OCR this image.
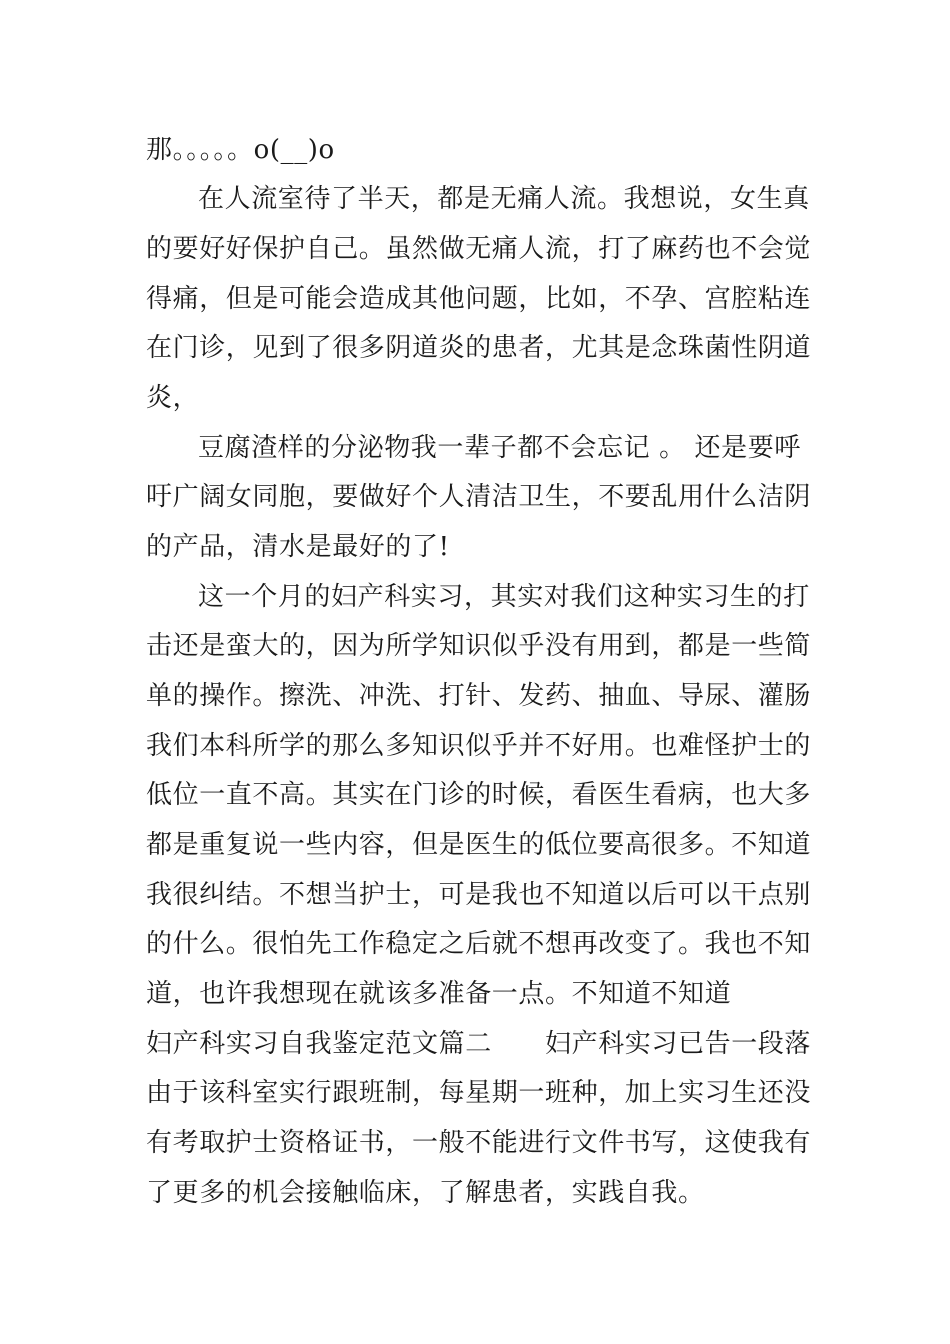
那。。。。。o(__)o
在人流室待了半天，都是无痛人流。我想说，女生真
的要好好保护自己。虽然做无痛人流，打了麻药也不会觉
得痛，但是可能会造成其他问题，比如，不孕、宫腔粘连
在门诊，见到了很多阴道炎的患者，尤其是念珠菌性阴道
炎，
豆腐渣样的分泌物我一辈子都不会忘记 。 还是要呼
吁广阔女同胞，要做好个人清洁卫生，不要乱用什么洁阴
的产品，清水是最好的了!
这一个月的妇产科实习，其实对我们这种实习生的打
击还是蛮大的，因为所学知识似乎没有用到，都是一些简
单的操作。擦洗、冲洗、打针、发药、抽血、导尿、灌肠
我们本科所学的那么多知识似乎并不好用。也难怪护士的
低位一直不高。其实在门诊的时候，看医生看病，也大多
都是重复说一些内容，但是医生的低位要高很多。不知道
我很纠结。不想当护士，可是我也不知道以后可以干点别
的什么。很怕先工作稳定之后就不想再改变了。我也不知
道，也许我想现在就该多准备一点。不知道不知道
妇产科实习自我鉴定范文篇二　　妇产科实习已告一段落
由于该科室实行跟班制，每星期一班种，加上实习生还没
有考取护士资格证书，一般不能进行文件书写，这使我有
了更多的机会接触临床，了解患者，实践自我。
